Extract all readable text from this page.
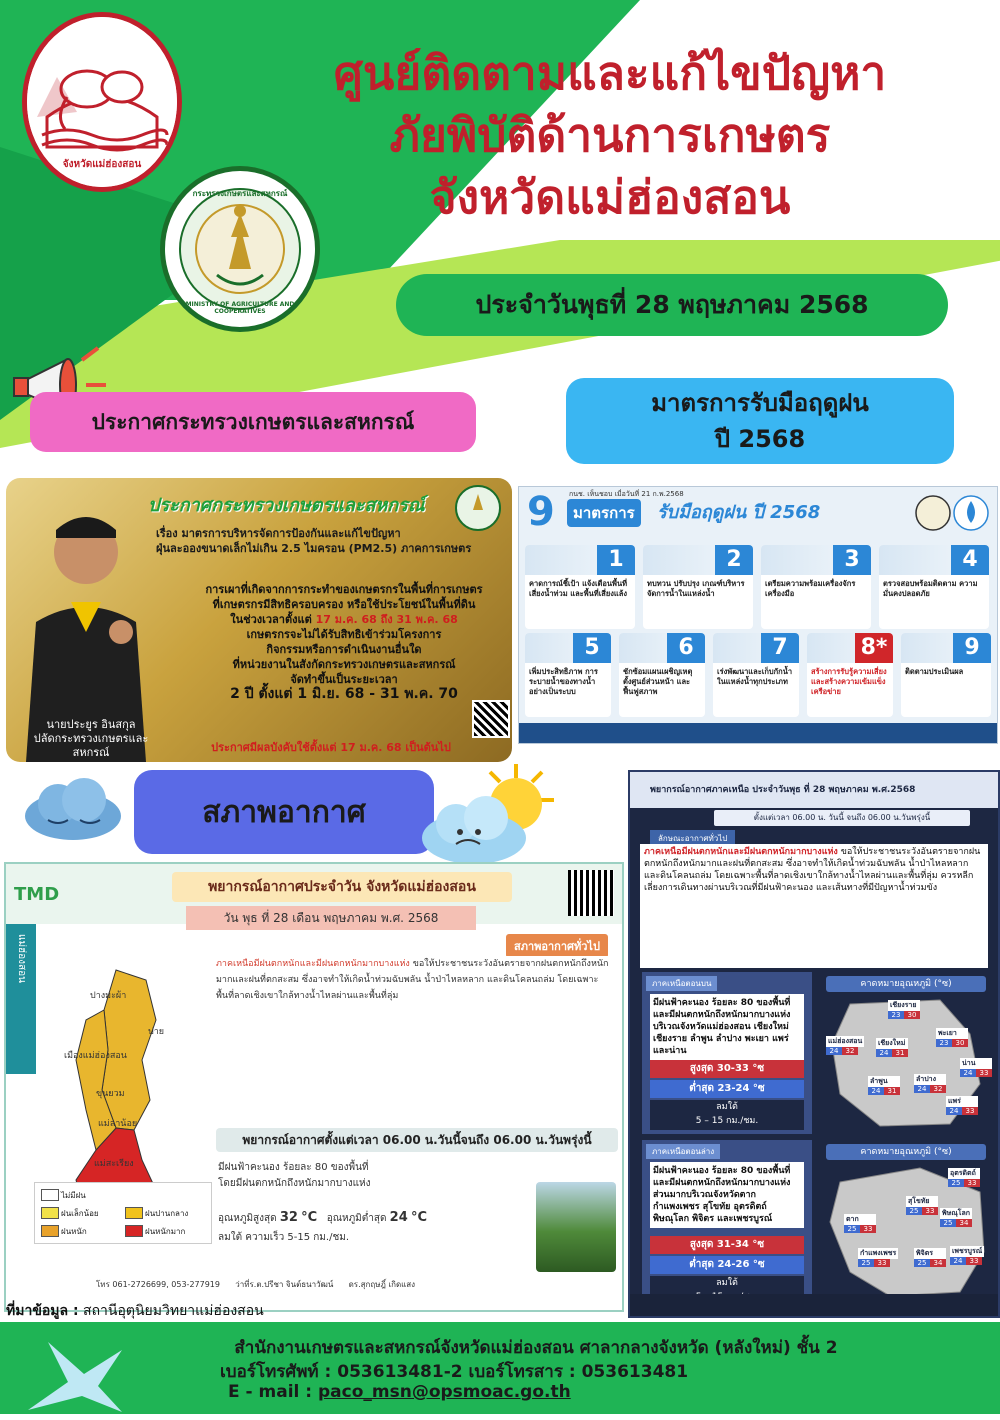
จังหวัดแม่ฮ่องสอน
กระทรวงเกษตรและสหกรณ์
MINISTRY OF AGRICULTURE AND COOPERATIVES
ศูนย์ติดตามและแก้ไขปัญหา
ภัยพิบัติด้านการเกษตร
จังหวัดแม่ฮ่องสอน
ประจำวันพุธที่ 28 พฤษภาคม 2568
ประกาศกระทรวงเกษตรและสหกรณ์
มาตรการรับมือฤดูฝน
ปี 2568
ประกาศกระทรวงเกษตรและสหกรณ์
เรื่อง มาตรการบริหารจัดการป้องกันและแก้ไขปัญหา
ฝุ่นละอองขนาดเล็กไม่เกิน 2.5 ไมครอน (PM2.5) ภาคการเกษตร
การเผาที่เกิดจากการกระทำของเกษตรกรในพื้นที่การเกษตร
ที่เกษตรกรมีสิทธิครอบครอง หรือใช้ประโยชน์ในพื้นที่ดิน
ในช่วงเวลาตั้งแต่ 17 ม.ค. 68 ถึง 31 พ.ค. 68
เกษตรกรจะไม่ได้รับสิทธิเข้าร่วมโครงการ
กิจกรรมหรือการดำเนินงานอื่นใด
ที่หน่วยงานในสังกัดกระทรวงเกษตรและสหกรณ์
จัดทำขึ้นเป็นระยะเวลา
2 ปี ตั้งแต่ 1 มิ.ย. 68 - 31 พ.ค. 70
นายประยูร อินสกุล
ปลัดกระทรวงเกษตรและสหกรณ์	ประกาศมีผลบังคับใช้ตั้งแต่ 17 ม.ค. 68 เป็นต้นไป
9 กนช. เห็นชอบ เมื่อวันที่ 21 ก.พ.2568
มาตรการ	รับมือฤดูฝน ปี 2568
1
คาดการณ์ชี้เป้า แจ้งเตือนพื้นที่เสี่ยงน้ำท่วม และพื้นที่เสี่ยงแล้ง
2
ทบทวน ปรับปรุง เกณฑ์บริหารจัดการน้ำในแหล่งน้ำ
3
เตรียมความพร้อมเครื่องจักร เครื่องมือ
4
ตรวจสอบพร้อมติดตาม ความมั่นคงปลอดภัย
5
เพิ่มประสิทธิภาพ การระบายน้ำของทางน้ำ อย่างเป็นระบบ
6
ชักซ้อมแผนเผชิญเหตุ ตั้งศูนย์ส่วนหน้า และฟื้นฟูสภาพ
7
เร่งพัฒนาและเก็บกักน้ำ ในแหล่งน้ำทุกประเภท
8*
สร้างการรับรู้ความเสี่ยง และสร้างความเข้มแข็ง เครือข่าย
9
ติดตามประเมินผล
สภาพอากาศ
TMD
แม่ฮ่องสอน
พยากรณ์อากาศประจำวัน จังหวัดแม่ฮ่องสอน
วัน พุธ ที่ 28 เดือน พฤษภาคม พ.ศ. 2568
สภาพอากาศทั่วไป
ปางมะผ้า
ปาย
เมืองแม่ฮ่องสอน
ขุนยวม
แม่ลาน้อย
แม่สะเรียง
ภาคเหนือมีฝนตกหนักและมีฝนตกหนักมากบางแห่ง ขอให้ประชาชนระวังอันตรายจากฝนตกหนักถึงหนักมากและฝนที่ตกสะสม ซึ่งอาจทำให้เกิดน้ำท่วมฉับพลัน น้ำป่าไหลหลาก และดินโคลนถล่ม โดยเฉพาะพื้นที่ลาดเชิงเขาใกล้ทางน้ำไหลผ่านและพื้นที่ลุ่ม
พยากรณ์อากาศตั้งแต่เวลา 06.00 น.วันนี้จนถึง 06.00 น.วันพรุ่งนี้
มีฝนฟ้าคะนอง ร้อยละ 80 ของพื้นที่
โดยมีฝนตกหนักถึงหนักมากบางแห่ง
อุณหภูมิสูงสุด 32 °C อุณหภูมิต่ำสุด 24 °C
ลมใต้ ความเร็ว 5-15 กม./ชม.
ไม่มีฝน
ฝนเล็กน้อย	ฝนปานกลาง
ฝนหนัก	ฝนหนักมาก
โทร 061-2726699, 053-277919 ว่าที่ร.ต.ปรีชา จินต์ธนาวัฒน์ ดร.สุกฤษฎิ์ เกิดแสง
พยากรณ์อากาศภาคเหนือ ประจำวันพุธ ที่ 28 พฤษภาคม พ.ศ.2568
ตั้งแต่เวลา 06.00 น. วันนี้ จนถึง 06.00 น.วันพรุ่งนี้
ลักษณะอากาศทั่วไป
ภาคเหนือมีฝนตกหนักและมีฝนตกหนักมากบางแห่ง ขอให้ประชาชนระวังอันตรายจากฝนตกหนักถึงหนักมากและฝนที่ตกสะสม ซึ่งอาจทำให้เกิดน้ำท่วมฉับพลัน น้ำป่าไหลหลาก และดินโคลนถล่ม โดยเฉพาะพื้นที่ลาดเชิงเขาใกล้ทางน้ำไหลผ่านและพื้นที่ลุ่ม ควรหลีกเลี่ยงการเดินทางผ่านบริเวณที่มีฝนฟ้าคะนอง และเส้นทางที่มีปัญหาน้ำท่วมขัง
ภาคเหนือตอนบน
มีฝนฟ้าคะนอง ร้อยละ 80 ของพื้นที่ และมีฝนตกหนักถึงหนักมากบางแห่ง บริเวณจังหวัดแม่ฮ่องสอน เชียงใหม่ เชียงราย ลำพูน ลำปาง พะเยา แพร่ และน่าน
สูงสุด 30-33 °ซ
ต่ำสุด 23-24 °ซ
ลมใต้
5 – 15 กม./ชม.
คาดหมายอุณหภูมิ (°ซ)
เชียงราย
23	30
แม่ฮ่องสอน
24	32
เชียงใหม่
24	31
พะเยา
23	30
น่าน
24	33
ลำพูน
24	31
ลำปาง
24	32
แพร่
24	33
ภาคเหนือตอนล่าง
มีฝนฟ้าคะนอง ร้อยละ 80 ของพื้นที่ และมีฝนตกหนักถึงหนักมากบางแห่ง ส่วนมากบริเวณจังหวัดตาก กำแพงเพชร สุโขทัย อุตรดิตถ์ พิษณุโลก พิจิตร และเพชรบูรณ์
สูงสุด 31-34 °ซ
ต่ำสุด 24-26 °ซ
ลมใต้
คาดหมายอุณหภูมิ (°ซ)
อุตรดิตถ์
25	33
สุโขทัย
25	33
ตาก
25	33
พิษณุโลก
25	34
กำแพงเพชร
25	33
พิจิตร
25	34
เพชรบูรณ์
24	33
ที่มาข้อมูล : สถานีอุตุนิยมวิทยาแม่ฮ่องสอน
สำนักงานเกษตรและสหกรณ์จังหวัดแม่ฮ่องสอน ศาลากลางจังหวัด (หลังใหม่) ชั้น 2
เบอร์โทรศัพท์ : 053613481-2 เบอร์โทรสาร : 053613481
E - mail : paco_msn@opsmoac.go.th
